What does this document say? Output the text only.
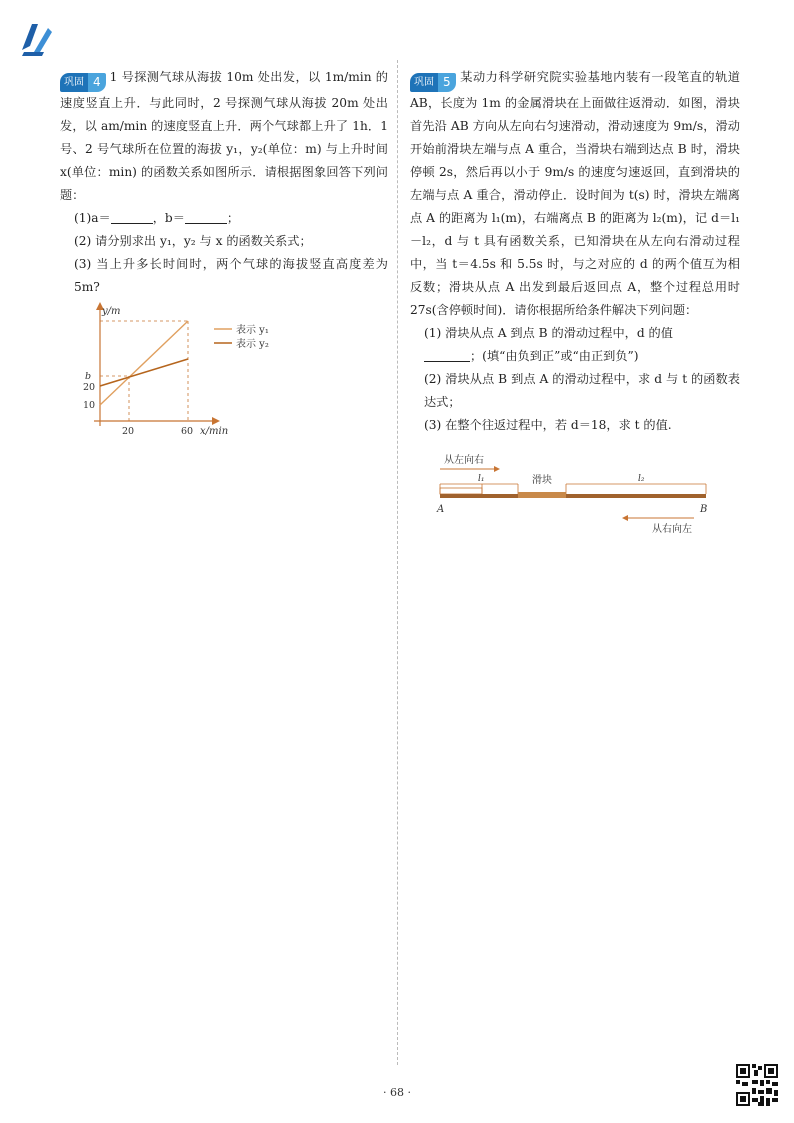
巩固 4 1 号探测气球从海拔 10m 处出发，以 1m/min 的速度竖直上升．与此同时，2 号探测气球从海拔 20m 处出发，以 am/min 的速度竖直上升．两个气球都上升了 1h．1 号、2 号气球所在位置的海拔 y₁，y₂(单位：m) 与上升时间 x(单位：min) 的函数关系如图所示．请根据图象回答下列问题：

(1)a＝	，b＝	；

(2) 请分别求出 y₁，y₂ 与 x 的函数关系式；

(3) 当上升多长时间时，两个气球的海拔竖直高度差为 5m?

表示 y₁
表示 y₂
y/m
x/min
b
20
10
20	60

巩固 5 某动力科学研究院实验基地内装有一段笔直的轨道 AB，长度为 1m 的金属滑块在上面做往返滑动．如图，滑块首先沿 AB 方向从左向右匀速滑动，滑动速度为 9m/s，滑动开始前滑块左端与点 A 重合，当滑块右端到达点 B 时，滑块停顿 2s，然后再以小于 9m/s 的速度匀速返回，直到滑块的左端与点 A 重合，滑动停止．设时间为 t(s) 时，滑块左端离点 A 的距离为 l₁(m)，右端离点 B 的距离为 l₂(m)，记 d＝l₁－l₂，d 与 t 具有函数关系，已知滑块在从左向右滑动过程中，当 t＝4.5s 和 5.5s 时，与之对应的 d 的两个值互为相反数；滑块从点 A 出发到最后返回点 A，整个过程总用时 27s(含停顿时间)．请你根据所给条件解决下列问题：

(1) 滑块从点 A 到点 B 的滑动过程中，d 的值
；(填“由负到正”或“由正到负”)

(2) 滑块从点 B 到点 A 的滑动过程中，求 d 与 t 的函数表达式；

(3) 在整个往返过程中，若 d＝18，求 t 的值.

从左向右
l₁	滑块	l₂
A	B
从右向左
· 68 ·
